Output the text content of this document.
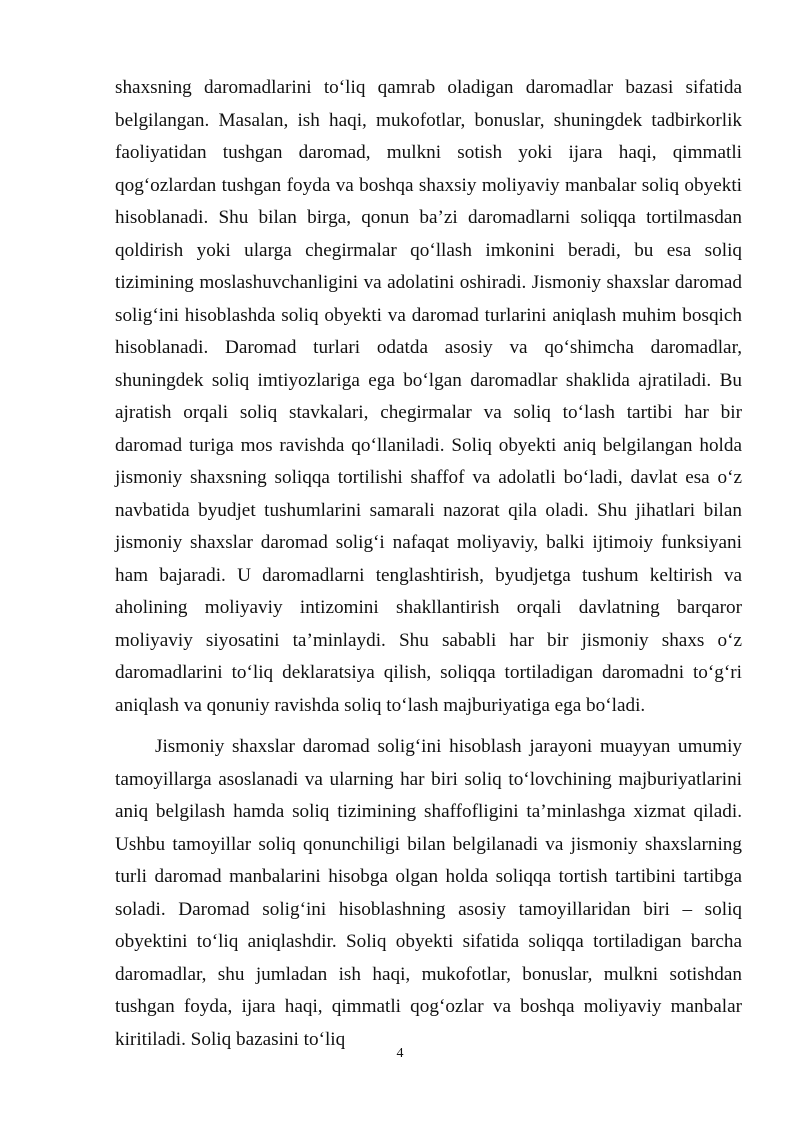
shaxsning daromadlarini to‘liq qamrab oladigan daromadlar bazasi sifatida belgilangan. Masalan, ish haqi, mukofotlar, bonuslar, shuningdek tadbirkorlik faoliyatidan tushgan daromad, mulkni sotish yoki ijara haqi, qimmatli qog‘ozlardan tushgan foyda va boshqa shaxsiy moliyaviy manbalar soliq obyekti hisoblanadi. Shu bilan birga, qonun ba’zi daromadlarni soliqqa tortilmasdan qoldirish yoki ularga chegirmalar qo‘llash imkonini beradi, bu esa soliq tizimining moslashuvchanligini va adolatini oshiradi. Jismoniy shaxslar daromad solig‘ini hisoblashda soliq obyekti va daromad turlarini aniqlash muhim bosqich hisoblanadi. Daromad turlari odatda asosiy va qo‘shimcha daromadlar, shuningdek soliq imtiyozlariga ega bo‘lgan daromadlar shaklida ajratiladi. Bu ajratish orqali soliq stavkalari, chegirmalar va soliq to‘lash tartibi har bir daromad turiga mos ravishda qo‘llaniladi. Soliq obyekti aniq belgilangan holda jismoniy shaxsning soliqqa tortilishi shaffof va adolatli bo‘ladi, davlat esa o‘z navbatida byudjet tushumlarini samarali nazorat qila oladi. Shu jihatlari bilan jismoniy shaxslar daromad solig‘i nafaqat moliyaviy, balki ijtimoiy funksiyani ham bajaradi. U daromadlarni tenglashtirish, byudjetga tushum keltirish va aholining moliyaviy intizomini shakllantirish orqali davlatning barqaror moliyaviy siyosatini ta’minlaydi. Shu sababli har bir jismoniy shaxs o‘z daromadlarini to‘liq deklaratsiya qilish, soliqqa tortiladigan daromadni to‘g‘ri aniqlash va qonuniy ravishda soliq to‘lash majburiyatiga ega bo‘ladi.

Jismoniy shaxslar daromad solig‘ini hisoblash jarayoni muayyan umumiy tamoyillarga asoslanadi va ularning har biri soliq to‘lovchining majburiyatlarini aniq belgilash hamda soliq tizimining shaffofligini ta’minlashga xizmat qiladi. Ushbu tamoyillar soliq qonunchiligi bilan belgilanadi va jismoniy shaxslarning turli daromad manbalarini hisobga olgan holda soliqqa tortish tartibini tartibga soladi. Daromad solig‘ini hisoblashning asosiy tamoyillaridan biri – soliq obyektini to‘liq aniqlashdir. Soliq obyekti sifatida soliqqa tortiladigan barcha daromadlar, shu jumladan ish haqi, mukofotlar, bonuslar, mulkni sotishdan tushgan foyda, ijara haqi, qimmatli qog‘ozlar va boshqa moliyaviy manbalar kiritiladi. Soliq bazasini to‘liq

4
